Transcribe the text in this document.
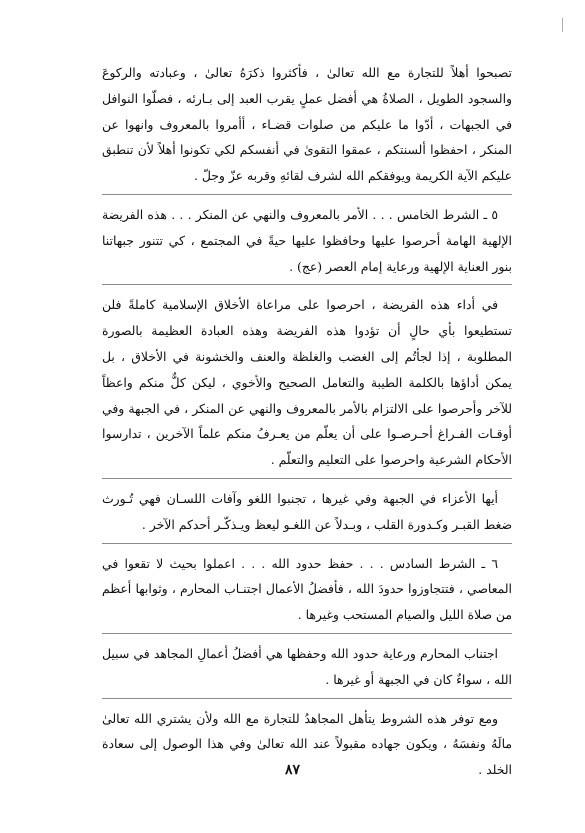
تصبحوا أهلاً للتجارة مع الله تعالىٰ ، فأكثروا ذكرَهُ تعالىٰ ، وعبادته والركوعَ والسجود الطويل ، الصلاةُ هي أفضل عملٍ يقرب العبد إلى بـارئه ، فصلّوا النوافل في الجبهات ، أدّوا ما عليكم من صلوات قضـاء ، أأمروا بالمعروف وانهوا عن المنكر ، احفظوا ألسنتكم ، عمقوا التقوىٰ في أنفسكم لكي تكونوا أهلاً لأن تنطبق عليكم الآية الكريمة ويوفقكم الله لشرف لقائهِ وقربه عزّ وجلّ .

٥ ـ الشرط الخامس . . . الأمر بالمعروف والنهي عن المنكر . . . هذه الفريضة الإلهية الهامة أحرصوا عليها وحافظوا عليها حيةً في المجتمع ، كي تتنور جبهاتنا بنور العناية الإلهية ورعاية إمام العصر (عج) .

في أداء هذه الفريضة ، احرصوا على مراعاة الأخلاق الإسلامية كاملةً فلن تستطيعوا بأي حالٍ أن تؤدوا هذه الفريضة وهذه العبادة العظيمة بالصورة المطلوبة ، إذا لجأتُم إلى الغضب والغلظة والعنف والخشونة في الأخلاق ، بل يمكن أداؤها بالكلمة الطيبة والتعامل الصحيح والأخوي ، ليكن كلٌّ منكم واعظاً للآخر وأحرصوا على الالتزام بالأمر بالمعروف والنهي عن المنكر ، في الجبهة وفي أوقـات الفـراغ أحـرصـوا على أن يعلّم من يعـرفُ منكم علماً الآخرين ، تدارسوا الأحكام الشرعية واحرصوا على التعليم والتعلّم .

أيها الأعزاء في الجبهة وفي غيرها ، تجنبوا اللغو وآفات اللسـان فهي تُـورث ضغط القبـر وكـدورة القلب ، وبـدلاً عن اللغـو ليعظ ويـذكّـر أحدكم الآخر .

٦ ـ الشرط السادس . . . حفظ حدود الله . . . اعملوا بحيث لا تقعوا في المعاصي ، فتتجاوزوا حدودَ الله ، فأفضلُ الأعمال اجتنـاب المحارم ، وثوابها أعظم من صلاة الليل والصيام المستحب وغيرها .

اجتناب المحارم ورعاية حدود الله وحفظها هي أفضلُ أعمالِ المجاهد في سبيل الله ، سواءٌ كان في الجبهة أو غيرها .

ومع توفر هذه الشروط يتأهل المجاهدُ للتجارة مع الله ولأن يشتري الله تعالىٰ مالَهُ ونفسَهُ ، ويكون جهاده مقبولاً عند الله تعالىٰ وفي هذا الوصول إلى سعادة الخلد .

٨٧
